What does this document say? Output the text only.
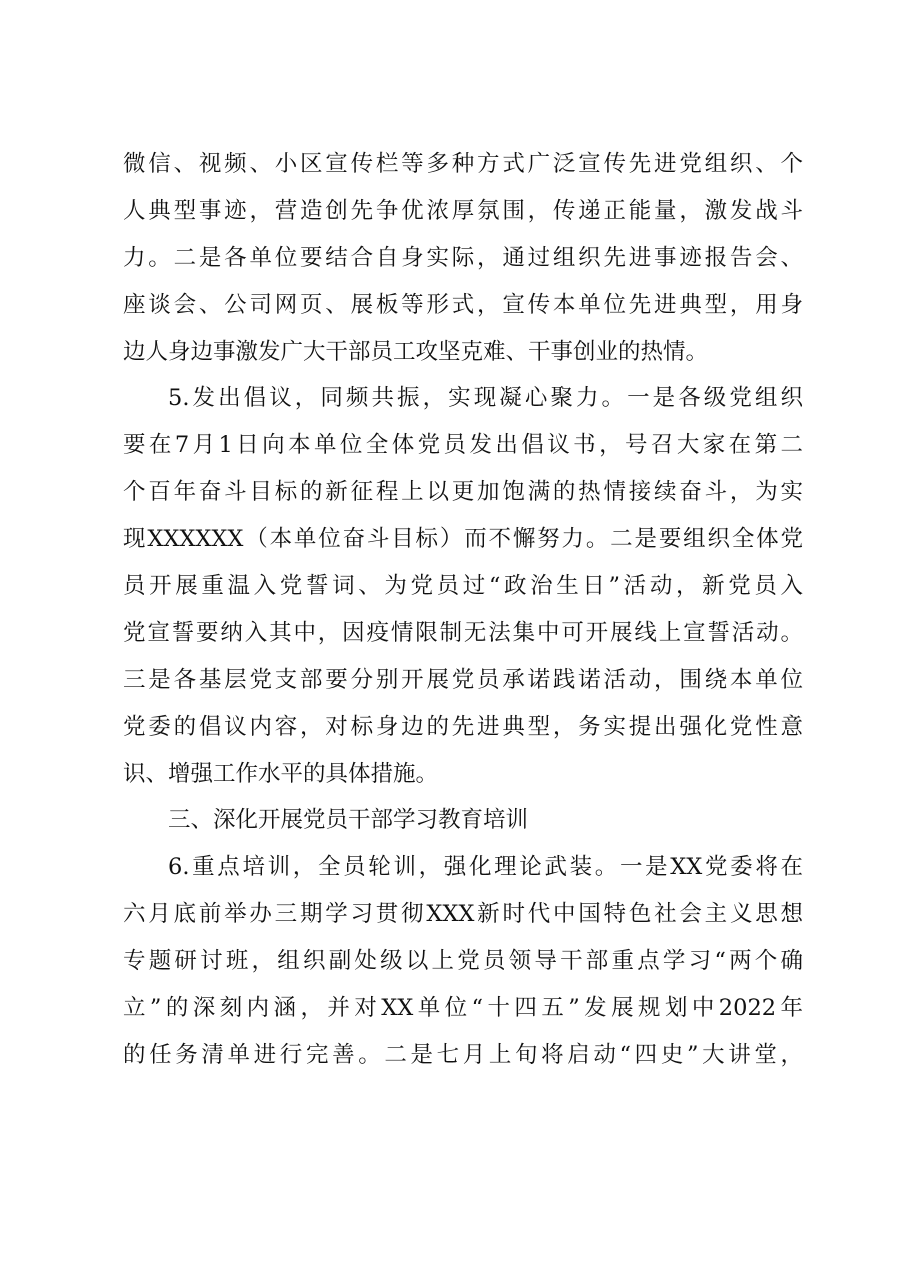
微信、视频、小区宣传栏等多种方式广泛宣传先进党组织、个
人典型事迹，营造创先争优浓厚氛围，传递正能量，激发战斗
力。二是各单位要结合自身实际，通过组织先进事迹报告会、
座谈会、公司网页、展板等形式，宣传本单位先进典型，用身
边人身边事激发广大干部员工攻坚克难、干事创业的热情。
5.发出倡议，同频共振，实现凝心聚力。一是各级党组织
要在7月1日向本单位全体党员发出倡议书，号召大家在第二
个百年奋斗目标的新征程上以更加饱满的热情接续奋斗，为实
现XXXXXX（本单位奋斗目标）而不懈努力。二是要组织全体党
员开展重温入党誓词、为党员过“政治生日”活动，新党员入
党宣誓要纳入其中，因疫情限制无法集中可开展线上宣誓活动。
三是各基层党支部要分别开展党员承诺践诺活动，围绕本单位
党委的倡议内容，对标身边的先进典型，务实提出强化党性意
识、增强工作水平的具体措施。
三、深化开展党员干部学习教育培训
6.重点培训，全员轮训，强化理论武装。一是XX党委将在
六月底前举办三期学习贯彻XXX新时代中国特色社会主义思想
专题研讨班，组织副处级以上党员领导干部重点学习“两个确
立”的深刻内涵，并对XX单位“十四五”发展规划中2022年
的任务清单进行完善。二是七月上旬将启动“四史”大讲堂，
